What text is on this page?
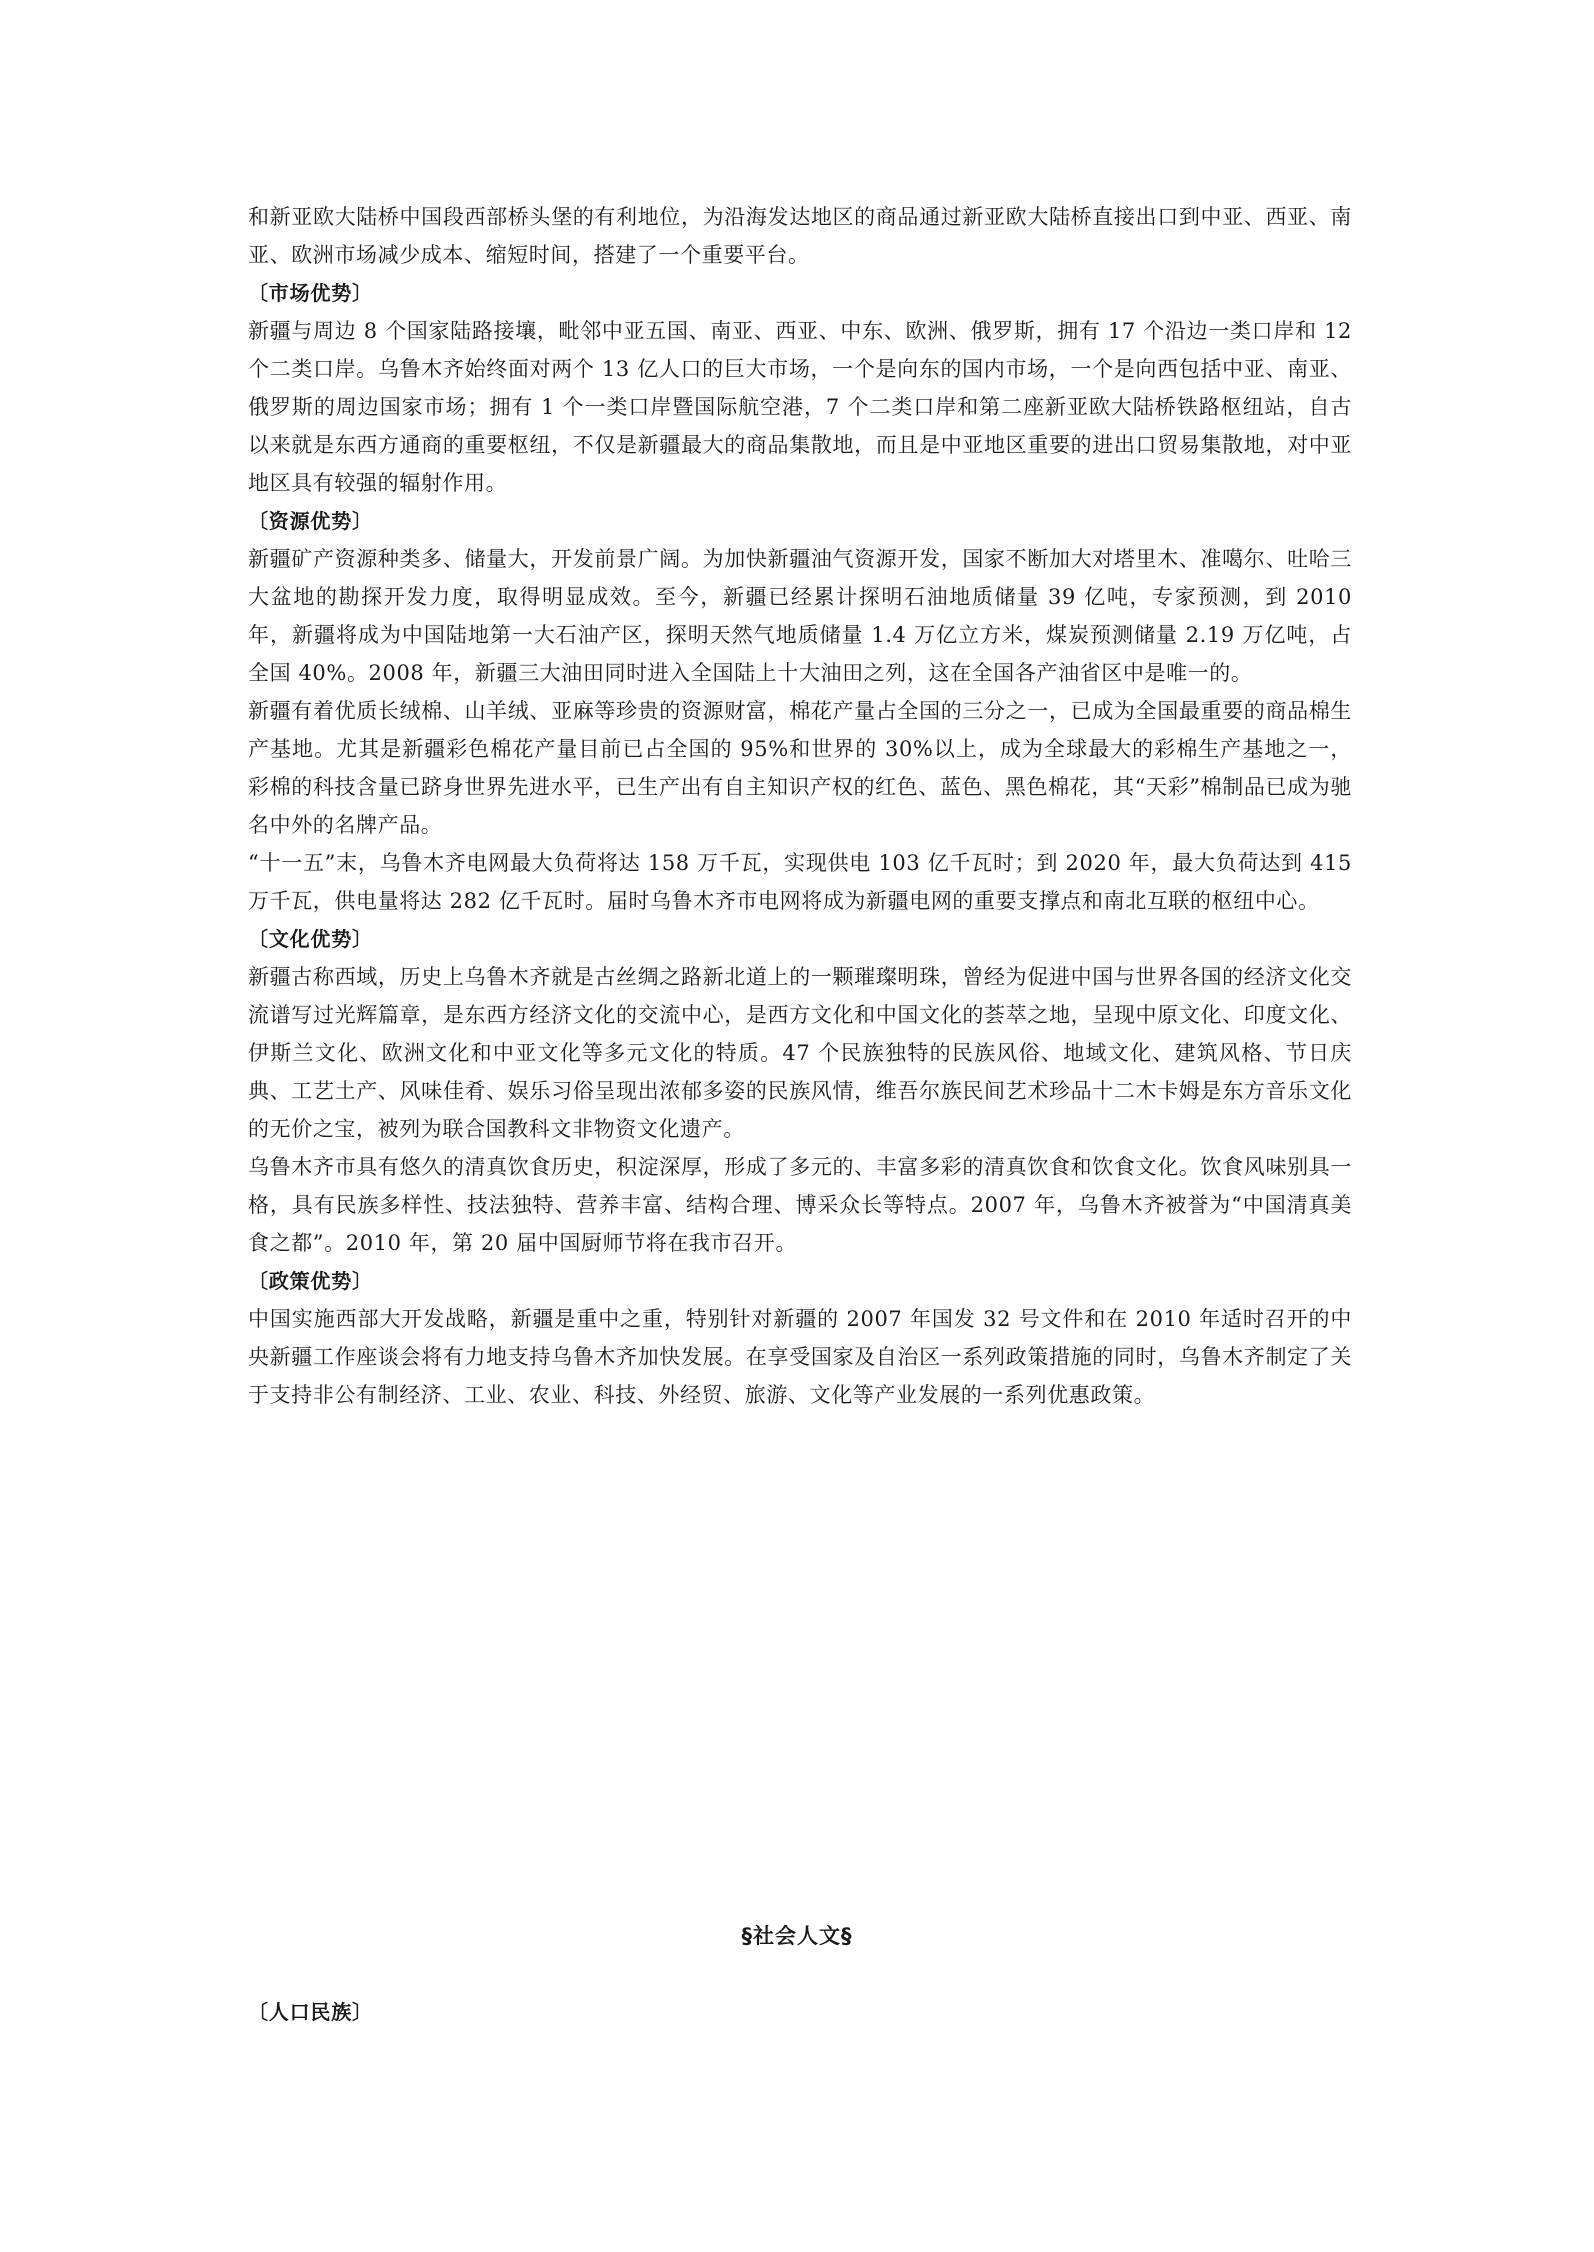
和新亚欧大陆桥中国段西部桥头堡的有利地位，为沿海发达地区的商品通过新亚欧大陆桥直接出口到中亚、西亚、南亚、欧洲市场减少成本、缩短时间，搭建了一个重要平台。

〔市场优势〕

新疆与周边 8 个国家陆路接壤，毗邻中亚五国、南亚、西亚、中东、欧洲、俄罗斯，拥有 17 个沿边一类口岸和 12 个二类口岸。乌鲁木齐始终面对两个 13 亿人口的巨大市场，一个是向东的国内市场，一个是向西包括中亚、南亚、俄罗斯的周边国家市场；拥有 1 个一类口岸暨国际航空港，7 个二类口岸和第二座新亚欧大陆桥铁路枢纽站，自古以来就是东西方通商的重要枢纽，不仅是新疆最大的商品集散地，而且是中亚地区重要的进出口贸易集散地，对中亚地区具有较强的辐射作用。

〔资源优势〕

新疆矿产资源种类多、储量大，开发前景广阔。为加快新疆油气资源开发，国家不断加大对塔里木、准噶尔、吐哈三大盆地的勘探开发力度，取得明显成效。至今，新疆已经累计探明石油地质储量 39 亿吨，专家预测，到 2010 年，新疆将成为中国陆地第一大石油产区，探明天然气地质储量 1.4 万亿立方米，煤炭预测储量 2.19 万亿吨，占全国 40%。2008 年，新疆三大油田同时进入全国陆上十大油田之列，这在全国各产油省区中是唯一的。

新疆有着优质长绒棉、山羊绒、亚麻等珍贵的资源财富，棉花产量占全国的三分之一，已成为全国最重要的商品棉生产基地。尤其是新疆彩色棉花产量目前已占全国的 95%和世界的 30%以上，成为全球最大的彩棉生产基地之一，彩棉的科技含量已跻身世界先进水平，已生产出有自主知识产权的红色、蓝色、黑色棉花，其“天彩”棉制品已成为驰名中外的名牌产品。

“十一五”末，乌鲁木齐电网最大负荷将达 158 万千瓦，实现供电 103 亿千瓦时；到 2020 年，最大负荷达到 415 万千瓦，供电量将达 282 亿千瓦时。届时乌鲁木齐市电网将成为新疆电网的重要支撑点和南北互联的枢纽中心。

〔文化优势〕

新疆古称西域，历史上乌鲁木齐就是古丝绸之路新北道上的一颗璀璨明珠，曾经为促进中国与世界各国的经济文化交流谱写过光辉篇章，是东西方经济文化的交流中心，是西方文化和中国文化的荟萃之地，呈现中原文化、印度文化、伊斯兰文化、欧洲文化和中亚文化等多元文化的特质。47 个民族独特的民族风俗、地域文化、建筑风格、节日庆典、工艺土产、风味佳肴、娱乐习俗呈现出浓郁多姿的民族风情，维吾尔族民间艺术珍品十二木卡姆是东方音乐文化的无价之宝，被列为联合国教科文非物资文化遗产。

乌鲁木齐市具有悠久的清真饮食历史，积淀深厚，形成了多元的、丰富多彩的清真饮食和饮食文化。饮食风味别具一格，具有民族多样性、技法独特、营养丰富、结构合理、博采众长等特点。2007 年，乌鲁木齐被誉为“中国清真美食之都”。2010 年，第 20 届中国厨师节将在我市召开。

〔政策优势〕

中国实施西部大开发战略，新疆是重中之重，特别针对新疆的 2007 年国发 32 号文件和在 2010 年适时召开的中央新疆工作座谈会将有力地支持乌鲁木齐加快发展。在享受国家及自治区一系列政策措施的同时，乌鲁木齐制定了关于支持非公有制经济、工业、农业、科技、外经贸、旅游、文化等产业发展的一系列优惠政策。

§社会人文§
〔人口民族〕
